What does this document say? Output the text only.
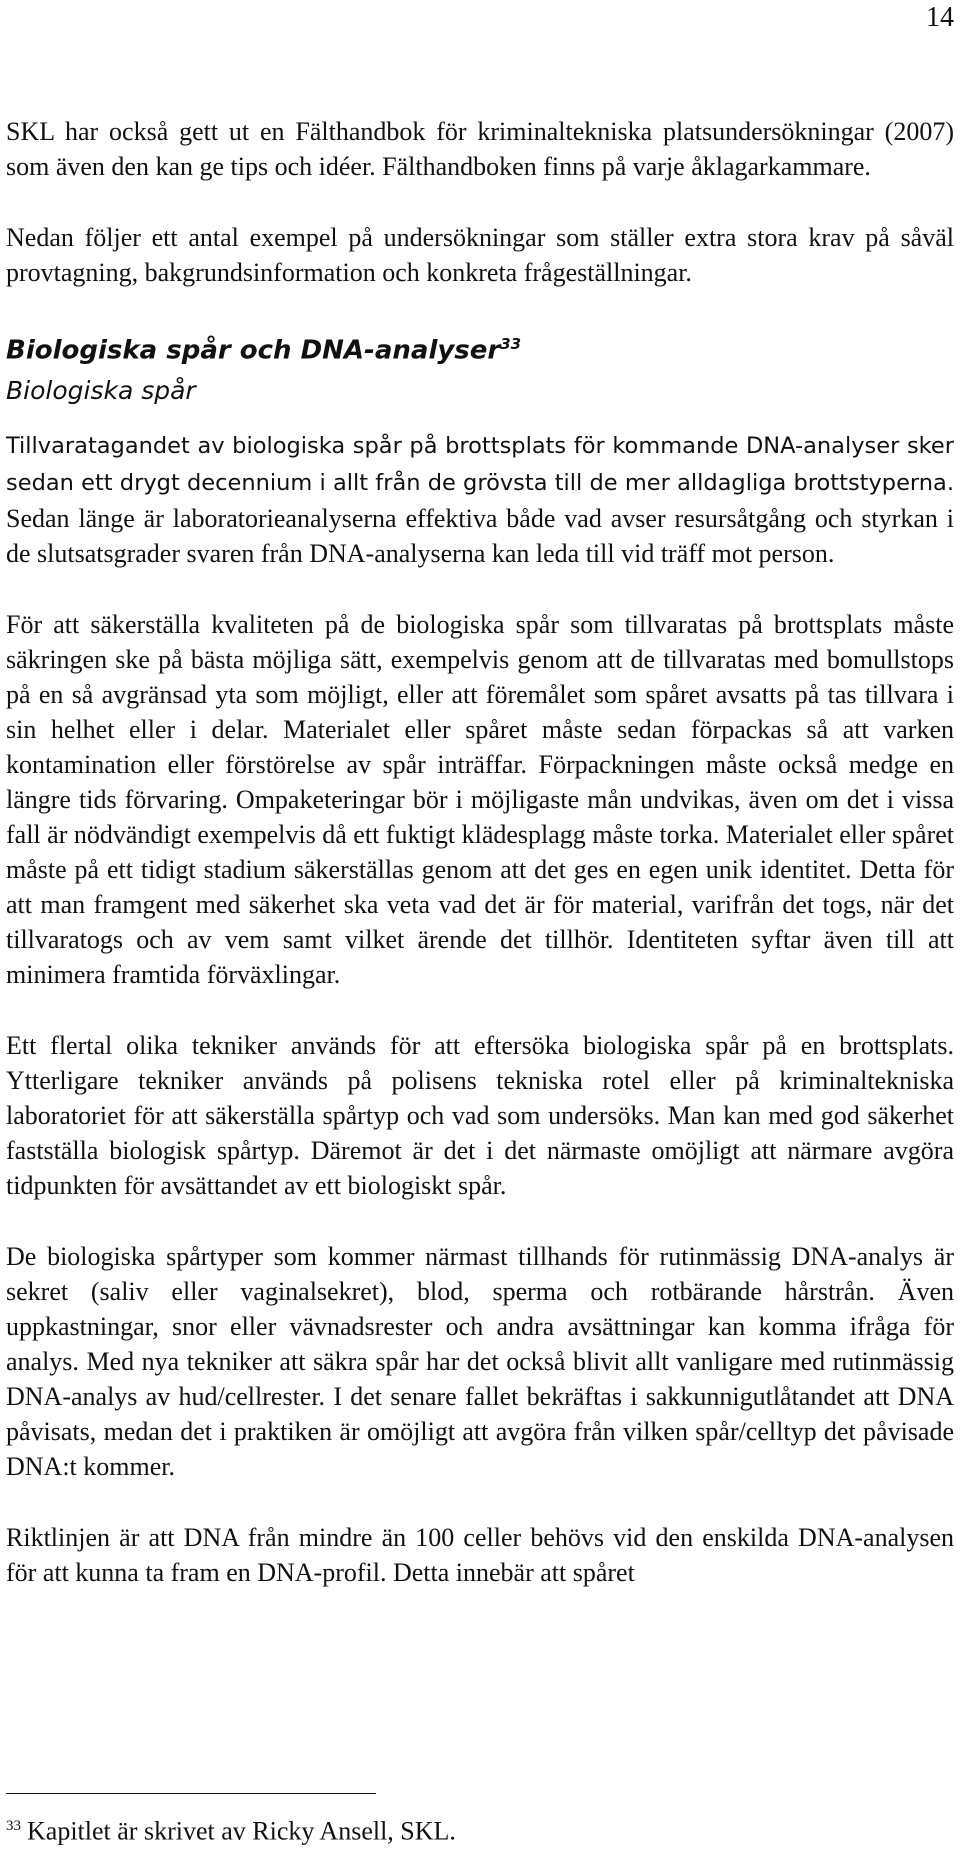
14

SKL har också gett ut en Fälthandbok för kriminaltekniska platsundersökningar (2007) som även den kan ge tips och idéer. Fälthandboken finns på varje åklagarkammare.

Nedan följer ett antal exempel på undersökningar som ställer extra stora krav på såväl provtagning, bakgrundsinformation och konkreta frågeställningar.

Biologiska spår och DNA-analyser$^{33}$
Biologiska spår

Tillvaratagandet av biologiska spår på brottsplats för kommande DNA-analyser sker sedan ett drygt decennium i allt från de grövsta till de mer alldagliga brottstyperna. Sedan länge är laboratorieanalyserna effektiva både vad avser resursåtgång och styrkan i de slutsatsgrader svaren från DNA-analyserna kan leda till vid träff mot person.

För att säkerställa kvaliteten på de biologiska spår som tillvaratas på brottsplats måste säkringen ske på bästa möjliga sätt, exempelvis genom att de tillvaratas med bomullstops på en så avgränsad yta som möjligt, eller att föremålet som spåret avsatts på tas tillvara i sin helhet eller i delar. Materialet eller spåret måste sedan förpackas så att varken kontamination eller förstörelse av spår inträffar. Förpackningen måste också medge en längre tids förvaring. Ompaketeringar bör i möjligaste mån undvikas, även om det i vissa fall är nödvändigt exempelvis då ett fuktigt klädesplagg måste torka. Materialet eller spåret måste på ett tidigt stadium säkerställas genom att det ges en egen unik identitet. Detta för att man framgent med säkerhet ska veta vad det är för material, varifrån det togs, när det tillvaratogs och av vem samt vilket ärende det tillhör. Identiteten syftar även till att minimera framtida förväxlingar.

Ett flertal olika tekniker används för att eftersöka biologiska spår på en brottsplats. Ytterligare tekniker används på polisens tekniska rotel eller på kriminaltekniska laboratoriet för att säkerställa spårtyp och vad som undersöks. Man kan med god säkerhet fastställa biologisk spårtyp. Däremot är det i det närmaste omöjligt att närmare avgöra tidpunkten för avsättandet av ett biologiskt spår.

De biologiska spårtyper som kommer närmast tillhands för rutinmässig DNA-analys är sekret (saliv eller vaginalsekret), blod, sperma och rotbärande hårstrån. Även uppkastningar, snor eller vävnadsrester och andra avsättningar kan komma ifråga för analys. Med nya tekniker att säkra spår har det också blivit allt vanligare med rutinmässig DNA-analys av hud/cellrester. I det senare fallet bekräftas i sakkunnigutlåtandet att DNA påvisats, medan det i praktiken är omöjligt att avgöra från vilken spår/celltyp det påvisade DNA:t kommer.

Riktlinjen är att DNA från mindre än 100 celler behövs vid den enskilda DNA-analysen för att kunna ta fram en DNA-profil. Detta innebär att spåret

$^{33}$ Kapitlet är skrivet av Ricky Ansell, SKL.
